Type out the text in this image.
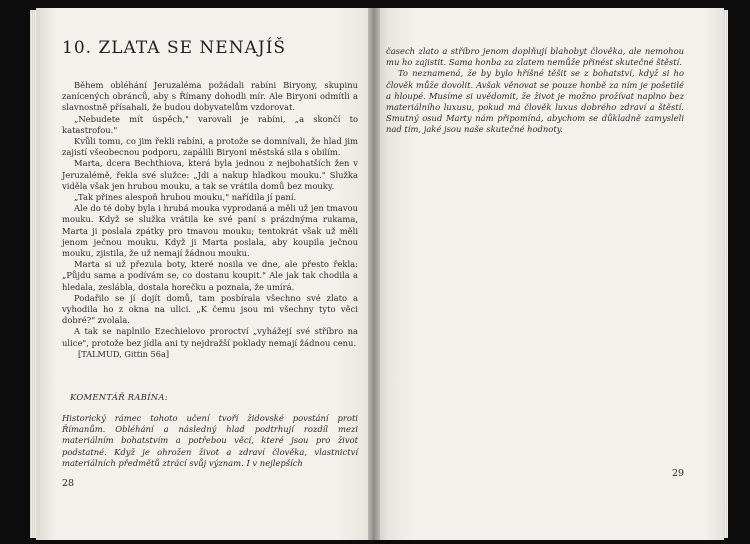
10. ZLATA SE NENAJÍŠ

Během obléhání Jeruzaléma požádali rabíni Biryony, skupinu zanícených obránců, aby s Římany dohodli mír. Ale Biryoni odmítli a slavnostně přísahali, že budou dobyvatelům vzdorovat.

„Nebudete mít úspěch," varovali je rabíni, „a skončí to katastrofou."

Kvůli tomu, co jim řekli rabíni, a protože se domnívali, že hlad jim zajistí všeobecnou podporu, zapálili Biryoni městská sila s obilím.

Marta, dcera Bechthiova, která byla jednou z nejbohatších žen v Jeruzalémě, řekla své služce: „Jdi a nakup hladkou mouku." Služka viděla však jen hrubou mouku, a tak se vrátila domů bez mouky.

„Tak přines alespoň hrubou mouku," nařídila jí paní.

Ale do té doby byla i hrubá mouka vyprodaná a měli už jen tmavou mouku. Když se služka vrátila ke své paní s prázdnýma rukama, Marta ji poslala zpátky pro tmavou mouku; tentokrát však už měli jenom ječnou mouku. Když ji Marta poslala, aby koupila ječnou mouku, zjistila, že už nemají žádnou mouku.

Marta si už přezula boty, které nosila ve dne, ale přesto řekla: „Půjdu sama a podívám se, co dostanu koupit." Ale jak tak chodila a hledala, zeslábla, dostala horečku a poznala, že umírá.

Podařilo se jí dojít domů, tam posbírala všechno své zlato a vyhodila ho z okna na ulici. „K čemu jsou mi všechny tyto věci dobré?" zvolala.

A tak se naplnilo Ezechielovo proroctví „vyhážejí své stříbro na ulice", protože bez jídla ani ty nejdražší poklady nemají žádnou cenu.

[TALMUD, Gittin 56a]
KOMENTÁŘ RABÍNA:

Historický rámec tohoto učení tvoří židovské povstání proti Římanům. Obléhání a následný hlad podtrhují rozdíl mezi materiálním bohatstvím a potřebou věcí, které jsou pro život podstatné. Když je ohrožen život a zdraví člověka, vlastnictví materiálních předmětů ztrácí svůj význam. I v nejlepších

28

časech zlato a stříbro jenom doplňují blahobyt člověka, ale nemohou mu ho zajistit. Sama honba za zlatem nemůže přinést skutečné štěstí.

To neznamená, že by bylo hříšné těšit se z bohatství, když si ho člověk může dovolit. Avšak věnovat se pouze honbě za ním je pošetilé a hloupé. Musíme si uvědomit, že život je možno prožívat naplno bez materiálního luxusu, pokud má člověk luxus dobrého zdraví a štěstí. Smutný osud Marty nám připomíná, abychom se důkladně zamysleli nad tím, jaké jsou naše skutečné hodnoty.

29
